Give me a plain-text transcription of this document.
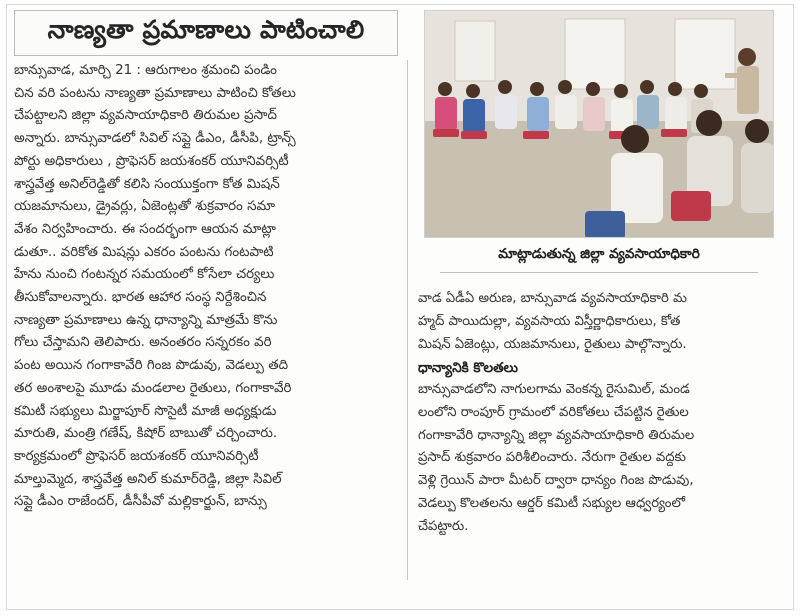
నాణ్యతా ప్రమాణాలు పాటించాలి
బాన్సువాడ, మార్చి 21 : ఆరుగాలం శ్రమంచి పండిం
చిన వరి పంటను నాణ్యతా ప్రమాణాలు పాటించి కోతలు
చేపట్టాలని జిల్లా వ్యవసాయాధికారి తిరుమల ప్రసాద్
అన్నారు. బాన్సువాడలో సివిల్ సప్లై డీఎం, డీసీపి, ట్రాన్స్
పోర్టు అధికారులు , ప్రొఫెసర్ జయశంకర్ యూనివర్సిటీ
శాస్త్రవేత్త అనిల్‌రెడ్డితో కలిసి సంయుక్తంగా కోత మిషన్
యజమానులు, డ్రైవర్లు, ఏజెంట్లతో శుక్రవారం సమా
వేశం నిర్వహించారు. ఈ సందర్భంగా ఆయన మాట్లా
డుతూ.. వరికోత మిషన్లు ఎకరం పంటను గంటపాటి
హేను నుంచి గంటన్నర సమయంలో కోసేలా చర్యలు
తీసుకోవాలన్నారు. భారత ఆహార సంస్థ నిర్దేశించిన
నాణ్యతా ప్రమాణాలు ఉన్న ధాన్యాన్ని మాత్రమే కొను
గోలు చేస్తామని తెలిపారు. అనంతరం సన్నరకం వరి
పంట అయిన గంగాకావేరి గింజ పొడువు, వెడల్పు తది
తర అంశాలపై మూడు మండలాల రైతులు, గంగాకావేరి
కమిటీ సభ్యులు మిర్జాపూర్ సొసైటీ మాజీ అధ్యక్షుడు
మారుతి, మంత్రి గణేష్, కిషోర్ బాబుతో చర్చించారు.
కార్యక్రమంలో ప్రొఫెసర్ జయశంకర్ యూనివర్సిటీ
మాల్తుమ్మెద, శాస్త్రవేత్త అనిల్ కుమార్‌రెడ్డి, జిల్లా సివిల్
సప్లై డీఎం రాజేందర్, డీసీపీవో మల్లికార్జున్, బాన్సు
మాట్లాడుతున్న జిల్లా వ్యవసాయాధికారి
వాడ ఏడీఏ అరుణ, బాన్సువాడ వ్యవసాయాధికారి మ
హ్మద్ పాయిదుల్లా, వ్యవసాయ విస్తీర్ణాధికారులు, కోత
మిషన్ ఏజెంట్లు, యజమానులు, రైతులు పాల్గొన్నారు.
ధాన్యానికి కొలతలు
బాన్సువాడలోని నాగులగామ వెంకన్న రైసుమిల్, మండ
లంలోని రాంపూర్ గ్రామంలో వరికోతలు చేపట్టిన రైతుల
గంగాకావేరి ధాన్యాన్ని జిల్లా వ్యవసాయాధికారి తిరుమల
ప్రసాద్ శుక్రవారం పరిశీలించారు. నేరుగా రైతుల వద్దకు
వెళ్లి గ్రెయిన్ పారా మీటర్ ద్వారా ధాన్యం గింజ పొడువు,
వెడల్పు కొలతలను ఆర్డర్ కమిటీ సభ్యుల ఆధ్వర్యంలో
చేపట్టారు.
